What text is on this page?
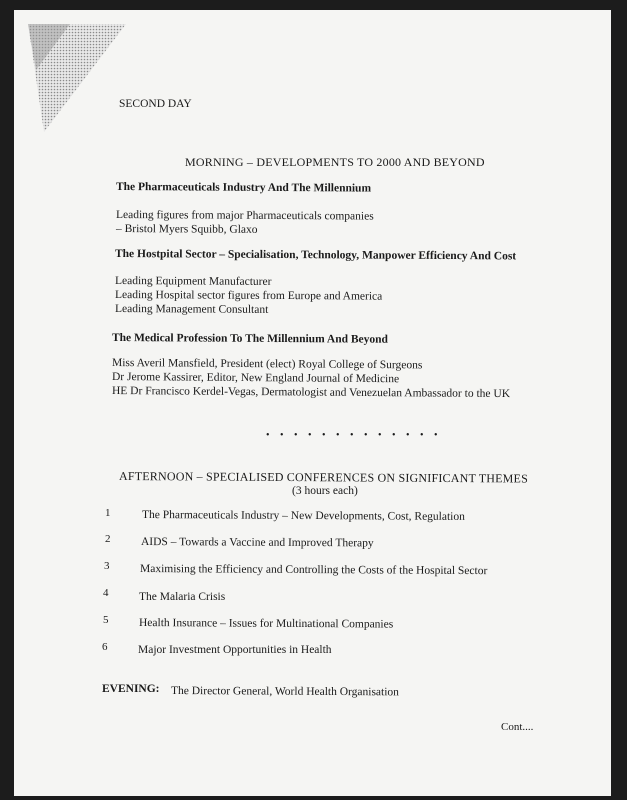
SECOND DAY
MORNING – DEVELOPMENTS TO 2000 AND BEYOND
The Pharmaceuticals Industry And The Millennium
Leading figures from major Pharmaceuticals companies
– Bristol Myers Squibb, Glaxo
The Hostpital Sector – Specialisation, Technology, Manpower Efficiency And Cost
Leading Equipment Manufacturer
Leading Hospital sector figures from Europe and America
Leading Management Consultant
The Medical Profession To The Millennium And Beyond
Miss Averil Mansfield, President (elect) Royal College of Surgeons
Dr Jerome Kassirer, Editor, New England Journal of Medicine
HE Dr Francisco Kerdel-Vegas, Dermatologist and Venezuelan Ambassador to the UK
• • • • • • • • • • • • •
AFTERNOON – SPECIALISED CONFERENCES ON SIGNIFICANT THEMES
(3 hours each)
1	The Pharmaceuticals Industry – New Developments, Cost, Regulation
2	AIDS – Towards a Vaccine and Improved Therapy
3	Maximising the Efficiency and Controlling the Costs of the Hospital Sector
4	The Malaria Crisis
5	Health Insurance – Issues for Multinational Companies
6	Major Investment Opportunities in Health
EVENING: The Director General, World Health Organisation
Cont....
